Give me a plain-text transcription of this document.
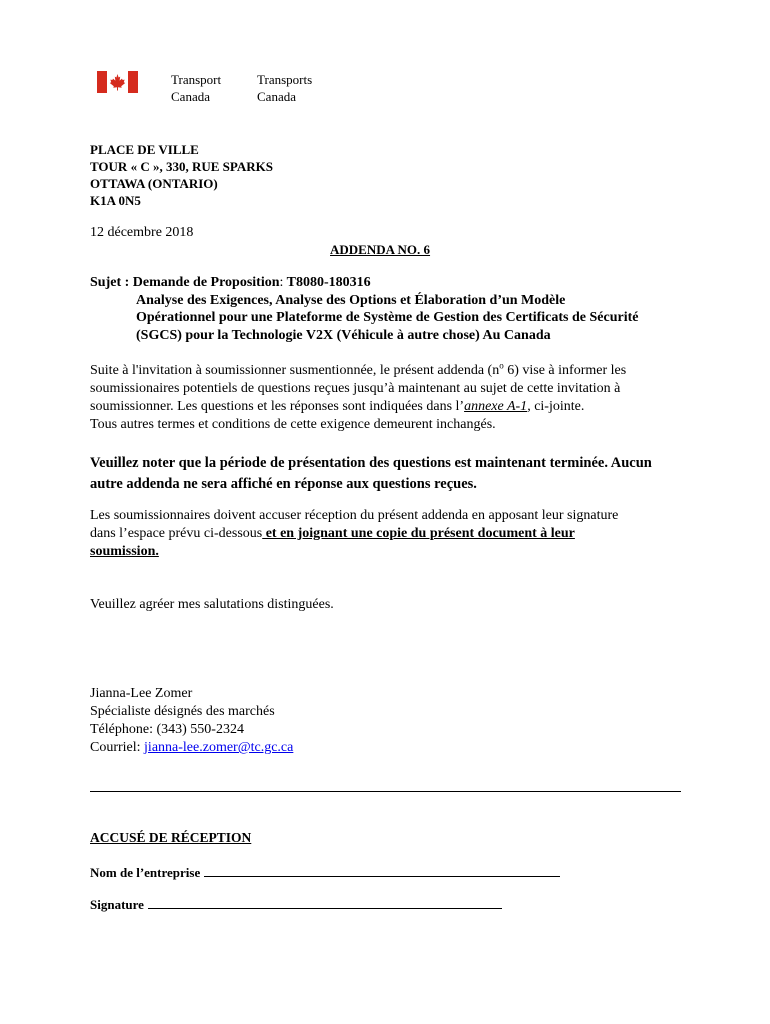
Transport
Canada
Transports
Canada
PLACE DE VILLE
TOUR « C », 330, RUE SPARKS
OTTAWA (ONTARIO)
K1A 0N5
12 décembre 2018
ADDENDA NO. 6
Sujet : Demande de Proposition: T8080-180316
Analyse des Exigences, Analyse des Options et Élaboration d’un Modèle
Opérationnel pour une Plateforme de Système de Gestion des Certificats de Sécurité
(SGCS) pour la Technologie V2X (Véhicule à autre chose) Au Canada
Suite à l'invitation à soumissionner susmentionnée, le présent addenda ($n^o$ 6) vise à informer les
soumissionaires potentiels de questions reçues jusqu’à maintenant au sujet de cette invitation à
soumissionner. Les questions et les réponses sont indiquées dans l’annexe A-1, ci-jointe.
Tous autres termes et conditions de cette exigence demeurent inchangés.
Veuillez noter que la période de présentation des questions est maintenant terminée. Aucun
autre addenda ne sera affiché en réponse aux questions reçues.
Les soumissionnaires doivent accuser réception du présent addenda en apposant leur signature
dans l’espace prévu ci-dessous et en joignant une copie du présent document à leur
soumission.
Veuillez agréer mes salutations distinguées.
Jianna-Lee Zomer
Spécialiste désignés des marchés
Téléphone: (343) 550-2324
Courriel: jianna-lee.zomer@tc.gc.ca
ACCUSÉ DE RÉCEPTION
Nom de l’entreprise
Signature
